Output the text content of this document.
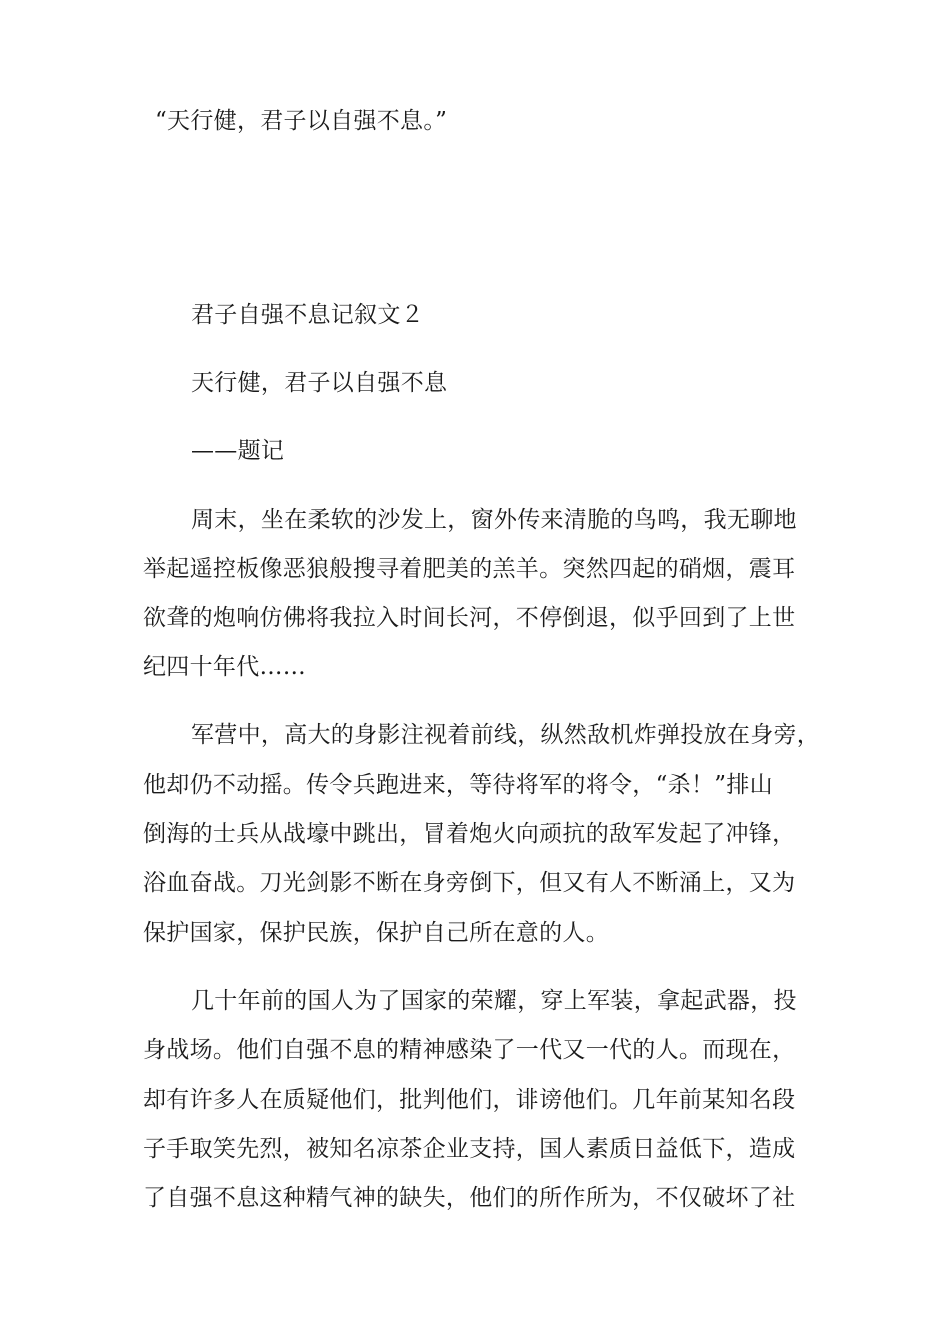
“天行健，君子以自强不息。”
君子自强不息记叙文２
天行健，君子以自强不息
——题记
周末，坐在柔软的沙发上，窗外传来清脆的鸟鸣，我无聊地
举起遥控板像恶狼般搜寻着肥美的羔羊。突然四起的硝烟，震耳
欲聋的炮响仿佛将我拉入时间长河，不停倒退，似乎回到了上世
纪四十年代……
军营中，高大的身影注视着前线，纵然敌机炸弹投放在身旁，
他却仍不动摇。传令兵跑进来，等待将军的将令，“杀！”排山
倒海的士兵从战壕中跳出，冒着炮火向顽抗的敌军发起了冲锋，
浴血奋战。刀光剑影不断在身旁倒下，但又有人不断涌上，又为
保护国家，保护民族，保护自己所在意的人。
几十年前的国人为了国家的荣耀，穿上军装，拿起武器，投
身战场。他们自强不息的精神感染了一代又一代的人。而现在，
却有许多人在质疑他们，批判他们，诽谤他们。几年前某知名段
子手取笑先烈，被知名凉茶企业支持，国人素质日益低下，造成
了自强不息这种精气神的缺失，他们的所作所为，不仅破坏了社
